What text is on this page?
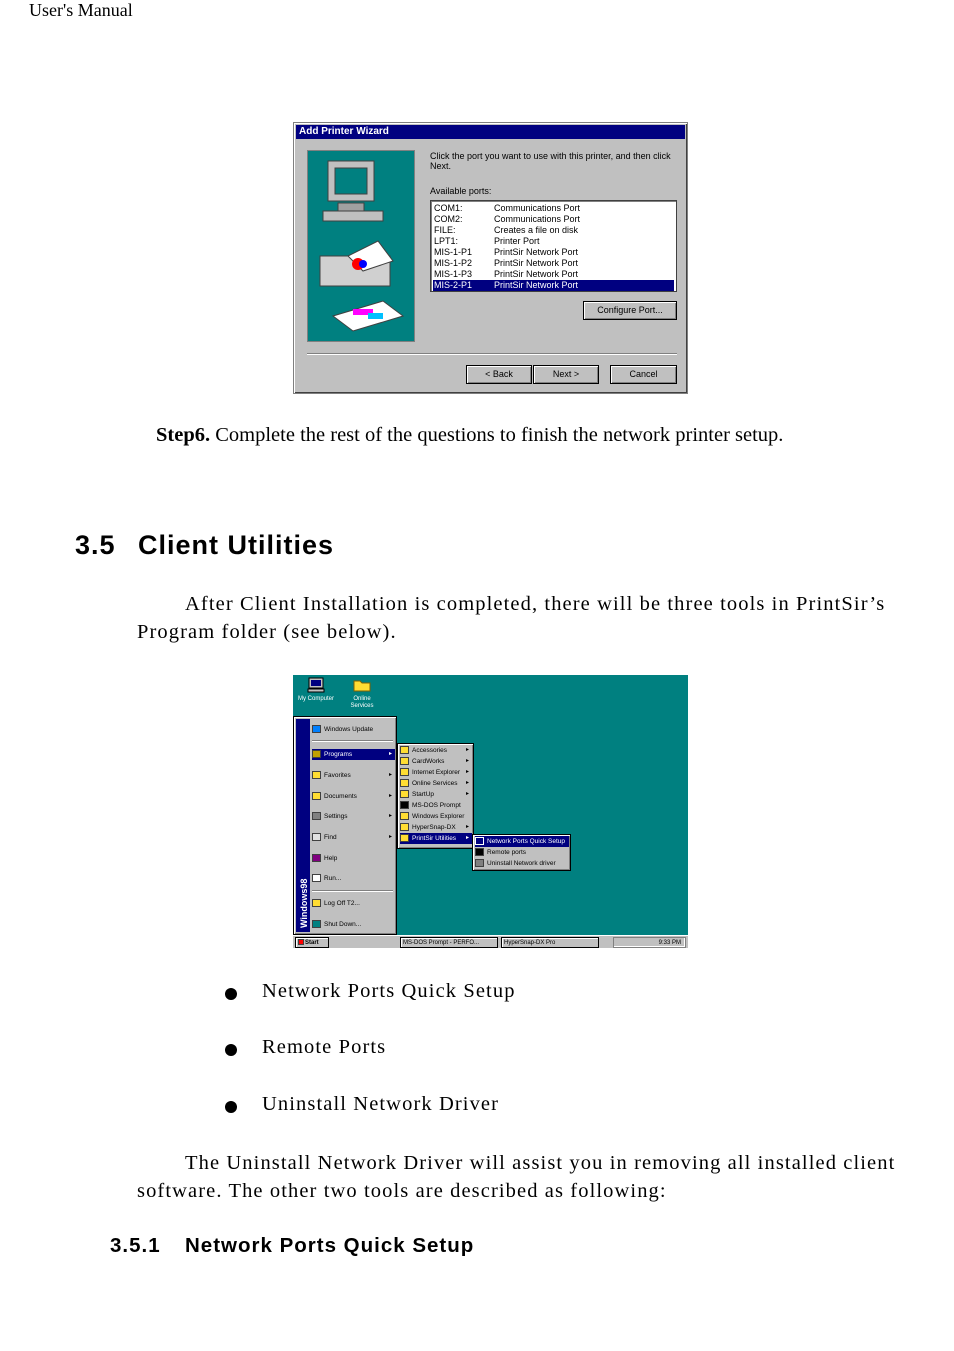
User's Manual
Add Printer Wizard
Click the port you want to use with this printer, and then click Next.
Available ports:
COM1:	Communications Port
COM2:	Communications Port
FILE:	Creates a file on disk
LPT1:	Printer Port
MIS-1-P1	PrintSir Network Port
MIS-1-P2	PrintSir Network Port
MIS-1-P3	PrintSir Network Port
MIS-2-P1	PrintSir Network Port
Configure Port...
< Back	Next >	Cancel
Step6. Complete the rest of the questions to finish the network printer setup.
3.5 Client Utilities
After Client Installation is completed, there will be three tools in PrintSir’s Program folder (see below).
My Computer	Online Services
Windows98
Windows Update
Programs	▸
Favorites	▸
Documents	▸
Settings	▸
Find	▸
Help
Run...
Log Off T2...
Shut Down...
Accessories	▸
CardWorks	▸
Internet Explorer ▸
Online Services ▸
StartUp	▸
MS-DOS Prompt
Windows Explorer
HyperSnap-DX ▸
PrintSir Utilities ▸	Network Ports Quick Setup
Remote ports
Uninstall Network driver
Start	MS-DOS Prompt - PERFO...	HyperSnap-DX Pro	9:33 PM
Network Ports Quick Setup
Remote Ports
Uninstall Network Driver
The Uninstall Network Driver will assist you in removing all installed client software. The other two tools are described as following:
3.5.1 Network Ports Quick Setup
